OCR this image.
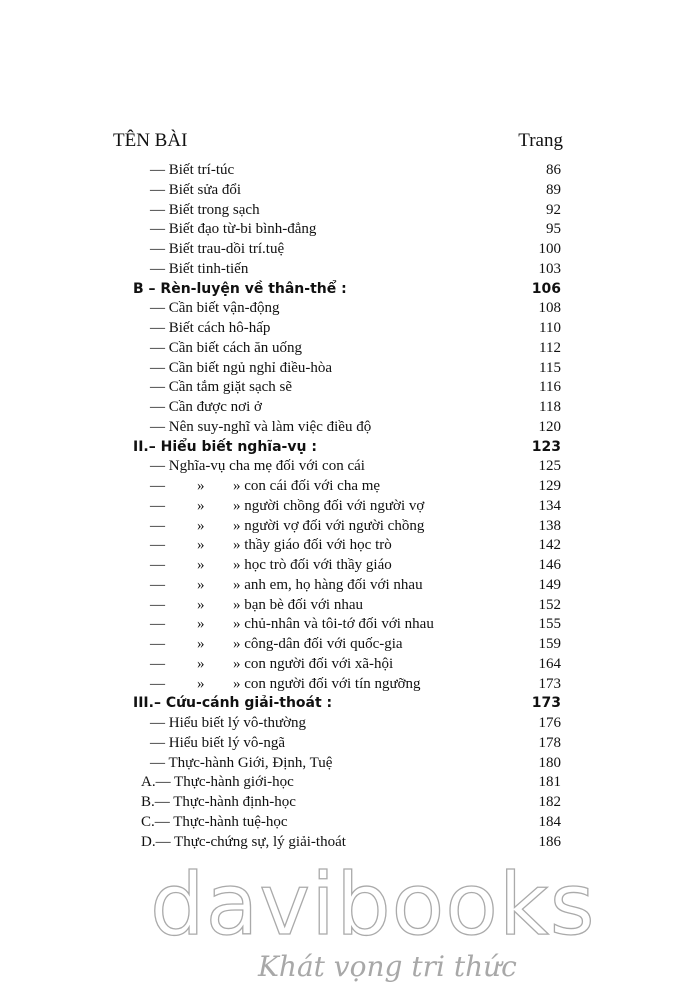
TÊN BÀI	Trang
— Biết trí-túc	86
— Biết sửa đổi	89
— Biết trong sạch	92
— Biết đạo từ-bi bình-đẳng	95
— Biết trau-dồi trí.tuệ	100
— Biết tinh-tiến	103
B – Rèn-luyện về thân-thể :	106
— Cần biết vận-động	108
— Biết cách hô-hấp	110
— Cần biết cách ăn uống	112
— Cần biết ngủ nghỉ điều-hòa	115
— Cần tắm giặt sạch sẽ	116
— Cần được nơi ở	118
— Nên suy-nghĩ và làm việc điều độ	120
II.– Hiểu biết nghĩa-vụ :	123
— Nghĩa-vụ cha mẹ đối với con cái	125
— » » con cái đối với cha mẹ	129
— » » người chồng đối với người vợ	134
— » » người vợ đối với người chồng	138
— » » thầy giáo đối với học trò	142
— » » học trò đối với thầy giáo	146
— » » anh em, họ hàng đối với nhau	149
— » » bạn bè đối với nhau	152
— » » chủ-nhân và tôi-tớ đối với nhau	155
— » » công-dân đối với quốc-gia	159
— » » con người đối với xã-hội	164
— » » con người đối với tín ngưỡng	173
III.– Cứu-cánh giải-thoát :	173
— Hiểu biết lý vô-thường	176
— Hiểu biết lý vô-ngã	178
— Thực-hành Giới, Định, Tuệ	180
A.— Thực-hành giới-học	181
B.— Thực-hành định-học	182
C.— Thực-hành tuệ-học	184
D.— Thực-chứng sự, lý giải-thoát	186
davibooks
Khát vọng tri thức
